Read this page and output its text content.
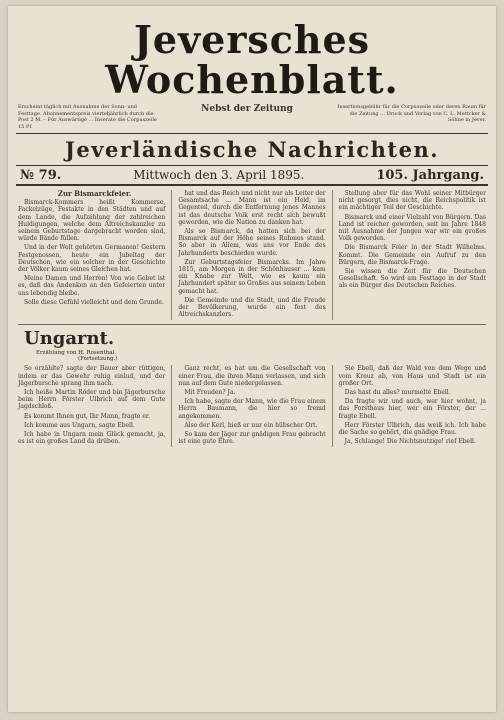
Jeversches Wochenblatt.
Erscheint täglich mit Ausnahme der Sonn- und Festtage. Abonnementspreis vierteljährlich durch die Post 2 M. – Für Auswärtige ... Inserate die Corpuszeile 15 Pf.
Nebst der Zeitung	Insertionsgebühr für die Corpuszeile oder deren Raum für die Zeitung ... Druck und Verlag von C. L. Mettcker & Söhne in Jever.
Jeverländische Nachrichten.
№ 79.	Mittwoch den 3. April 1895.	105. Jahrgang.

Zur Bismarckfeier.

Bismarck-Kommers heißt Kommerse, Fackelzüge, Festakte in den Städten und auf dem Lande, die Aufzählung der zahlreichen Huldigungen, welche dem Altreichskanzler zu seinem Geburtstage dargebracht worden sind, würde Bände füllen.

Und in der Welt gehörten Germanen! Gestern Festgenossen, heute ein Jubeltag der Deutschen, wie ein solcher in der Geschichte der Völker kaum seines Gleichen hat.

Meine Damen und Herren! Von wie Gebet ist es, daß das Andenken an den Gefeierten unter uns lebendig bleibe.

Solle diese Gefühl vielleicht und dem Grunde.

hat und das Reich und nicht nur als Leiter der Gesamtsache ... Mann ist ein Held, im Gegenteil, durch die Entfernung jenes Mannes ist das deutsche Volk erst recht sich bewußt geworden, wie die Nation zu danken hat.

Als so Bismarck, da hatten sich bei der Bismarck auf der Höhe seines Ruhmes stand. So aber in Allem, was uns vor Ende des Jahrhunderts beschieden wurde.

Zur Geburtstagsfeier Bismarcks. Im Jahre 1815, am Morgen in der Schönhauser ... kam ein Knabe zur Welt, wie es kaum ein Jahrhundert später so Großes aus seinem Leben gemacht hat.

Die Gemeinde und die Stadt, und die Freude der Bevölkerung, wurde ein fest des Altreichskanzlers.

Stellung aber für das Wohl seiner Mitbürger nicht gesorgt, dies nicht, die Reichspolitik ist ein mächtiger Teil der Geschichte.

Bismarck und einer Vielzahl von Bürgern. Das Land ist reicher geworden, seit im Jahre 1848 mit Ausnahme der Jungen war wir ein großes Volk geworden.

Die Bismarck Feier in der Stadt Wilhelms. Kommt. Die Gemeinde ein Aufruf zu den Bürgern, die Bismarck-Frage.

Sie wissen die Zeit für die Deutschen Gesellschaft. So wird am Festtage in der Stadt als ein Bürger des Deutschen Reiches.

Ungarnt.
Erzählung von H. Rosenthal.
(Fortsetzung.)

So erzählte? sagte der Bauer aber rüttigen, indem er das Gewehr ruhig einlud, und der Jägerbursche sprang ihm nach.

Ich heiße Martin Röder und bin Jägerbursche beim Herrn Förster Ulbrich auf dem Gute Jagdschloß.

Es kommt Ihnen gut, Ihr Mann, fragte er.

Ich komme aus Ungarn, sagte Ebell.

Ich habe in Ungarn mein Glück gemacht, ja, es ist ein großes Land da drüben.

Ganz recht, es hat um die Gesellschaft von einer Frau, die ihren Mann verlassen, und sich nun auf dem Gute niedergelassen.

Mit Freuden? Ja.

Ich habe, sagte der Mann, wie die Frau einem Herrn Baumann, die hier so fremd angekommen.

Also der Kerl, hieß er nur ein hübscher Ort.

So kam der Jäger zur gnädigen Frau gebracht ist eine gute Ehre.

Sie Ebell, daß der Wald von dem Wege und vom Kreuz ab, von Haus und Stadt ist ein großer Ort.

Das hast du alles? murmelte Ebell.

Da fragte wir und auch, wer hier wohnt, ja das Forsthaus hier, wer ein Förster, der ... fragte Ebell.

Herr Förster Ulbrich, das weiß ich. Ich habe die Sache so gehört, die gnädige Frau.

Ja, Schlange! Die Nichtsnutzige! rief Ebell.
